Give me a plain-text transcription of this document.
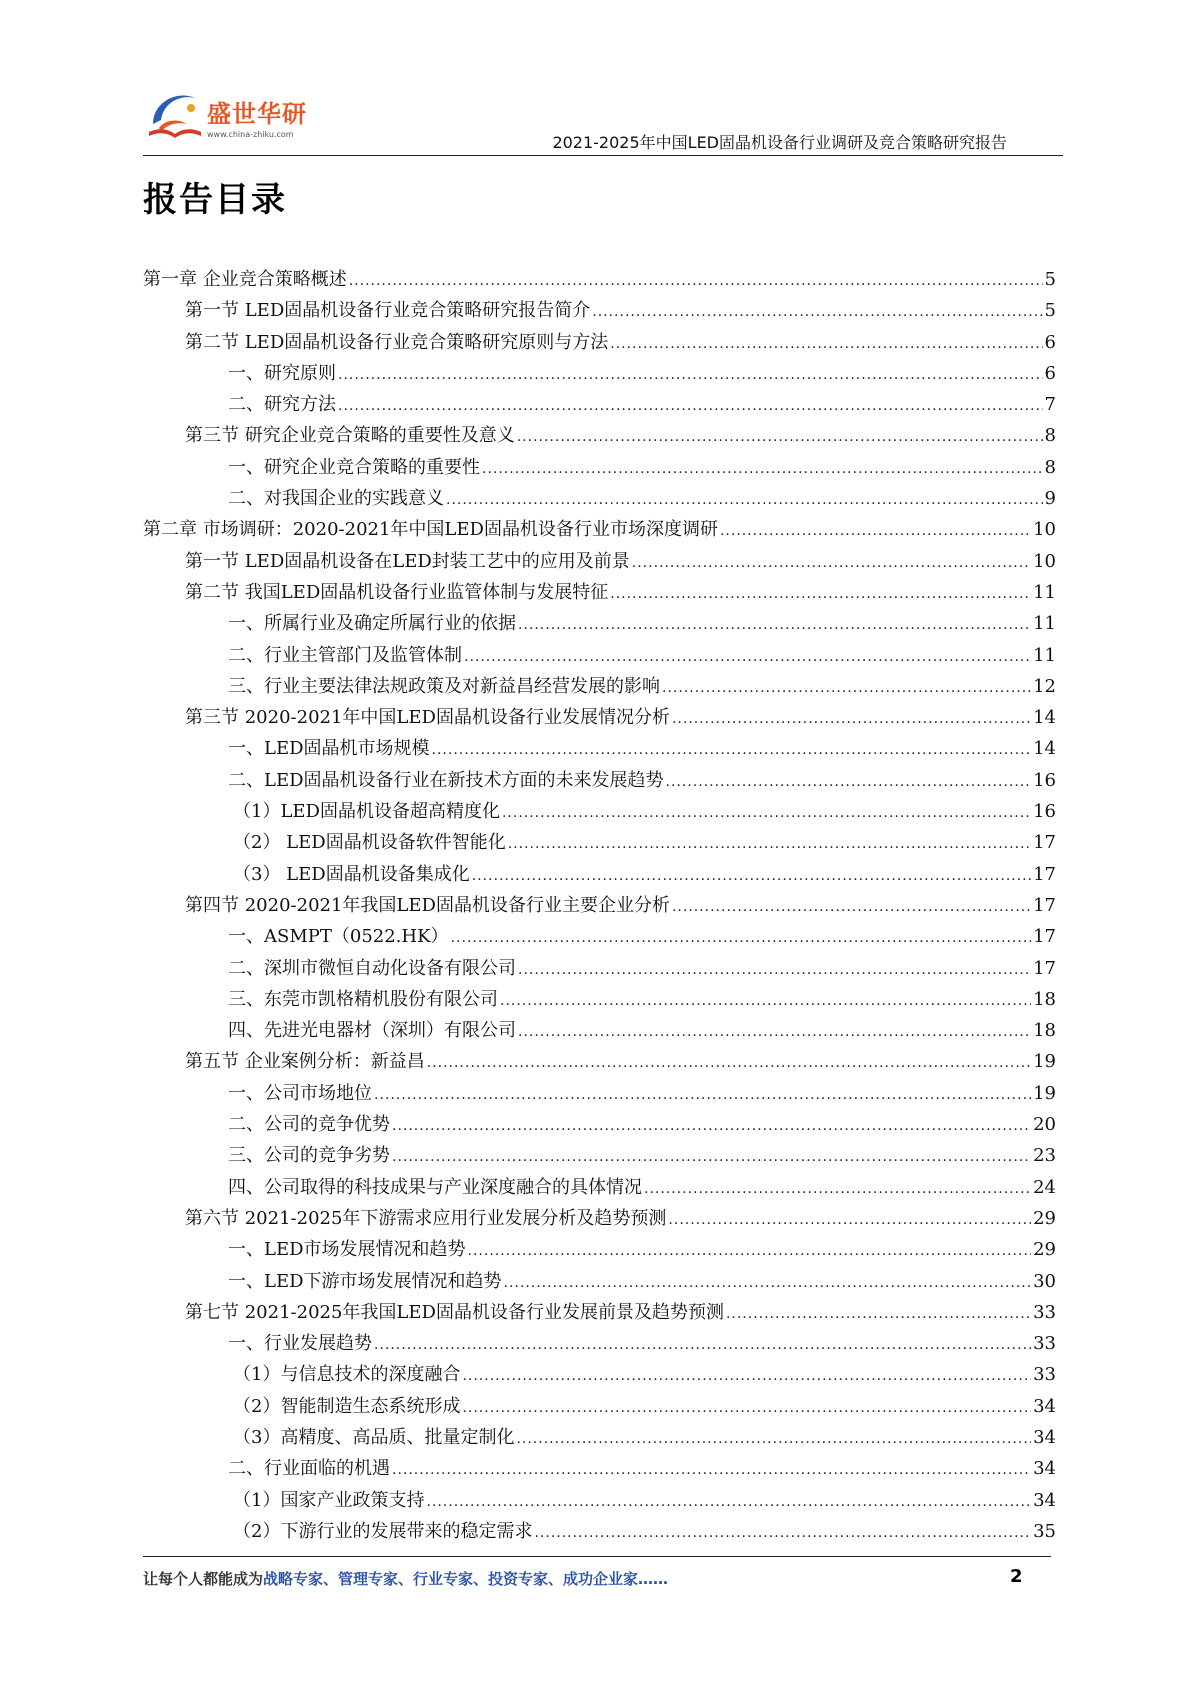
盛世华研
www.china-zhiku.com	2021-2025年中国LED固晶机设备行业调研及竞合策略研究报告
报告目录
第一章 企业竞合策略概述 .....	5
第一节 LED固晶机设备行业竞合策略研究报告简介 .....	5
第二节 LED固晶机设备行业竞合策略研究原则与方法 .....	6
一、研究原则 .....	6
二、研究方法 .....	7
第三节 研究企业竞合策略的重要性及意义 .....	8
一、研究企业竞合策略的重要性 .....	8
二、对我国企业的实践意义 .....	9
第二章 市场调研：2020-2021年中国LED固晶机设备行业市场深度调研 .....	10
第一节 LED固晶机设备在LED封装工艺中的应用及前景 .....	10
第二节 我国LED固晶机设备行业监管体制与发展特征 .....	11
一、所属行业及确定所属行业的依据 .....	11
二、行业主管部门及监管体制 .....	11
三、行业主要法律法规政策及对新益昌经营发展的影响 .....	12
第三节 2020-2021年中国LED固晶机设备行业发展情况分析 .....	14
一、LED固晶机市场规模 .....	14
二、LED固晶机设备行业在新技术方面的未来发展趋势 .....	16
（1）LED固晶机设备超高精度化 .....	16
（2） LED固晶机设备软件智能化 .....	17
（3） LED固晶机设备集成化 .....	17
第四节 2020-2021年我国LED固晶机设备行业主要企业分析 .....	17
一、ASMPT（0522.HK） .....	17
二、深圳市微恒自动化设备有限公司 .....	17
三、东莞市凯格精机股份有限公司 .....	18
四、先进光电器材（深圳）有限公司 .....	18
第五节 企业案例分析：新益昌 .....	19
一、公司市场地位 .....	19
二、公司的竞争优势 .....	20
三、公司的竞争劣势 .....	23
四、公司取得的科技成果与产业深度融合的具体情况 .....	24
第六节 2021-2025年下游需求应用行业发展分析及趋势预测 .....	29
一、LED市场发展情况和趋势 .....	29
一、LED下游市场发展情况和趋势 .....	30
第七节 2021-2025年我国LED固晶机设备行业发展前景及趋势预测 .....	33
一、行业发展趋势 .....	33
（1）与信息技术的深度融合 .....	33
（2）智能制造生态系统形成 .....	34
（3）高精度、高品质、批量定制化 .....	34
二、行业面临的机遇 .....	34
（1）国家产业政策支持 .....	34
（2）下游行业的发展带来的稳定需求 .....	35
让每个人都能成为战略专家、管理专家、行业专家、投资专家、成功企业家……	2
